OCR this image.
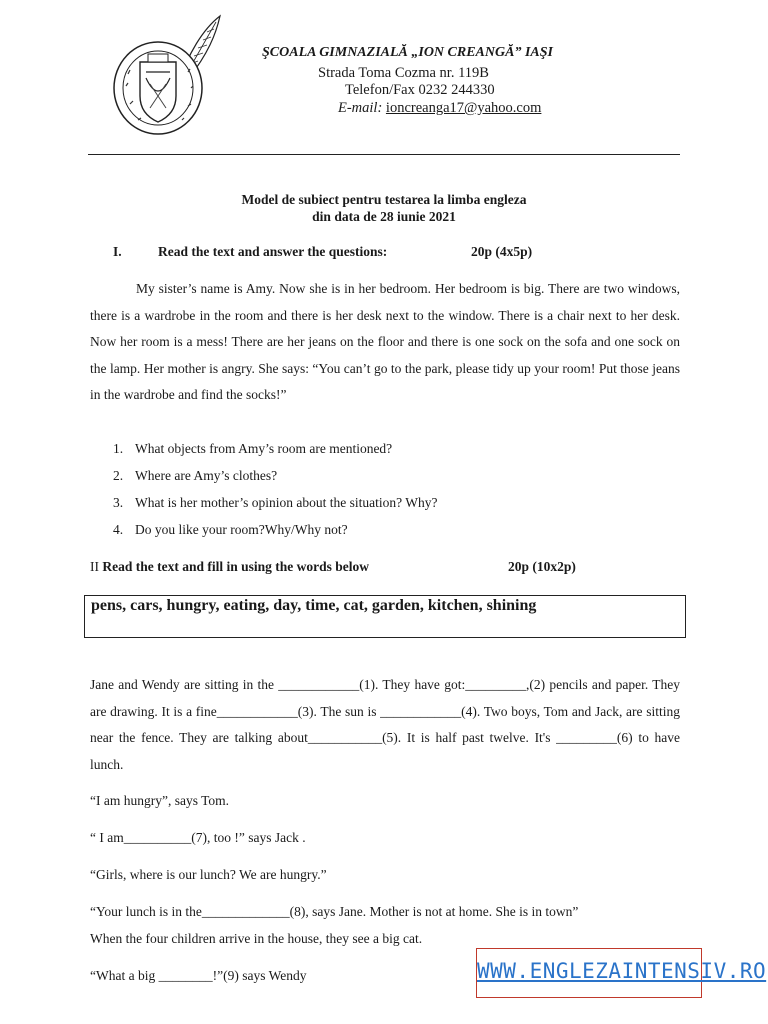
ŞCOALA GIMNAZIALĂ „ION CREANGĂ” IAŞI
Strada Toma Cozma nr. 119B
Telefon/Fax 0232 244330
E-mail: ioncreanga17@yahoo.com
Model de subiect pentru testarea la limba engleza
din data de 28 iunie 2021
I.	Read the text and answer the questions:	20p (4x5p)

My sister’s name is Amy. Now she is in her bedroom. Her bedroom is big. There are two windows, there is a wardrobe in the room and there is her desk next to the window. There is a chair next to her desk. Now her room is a mess! There are her jeans on the floor and there is one sock on the sofa and one sock on the lamp. Her mother is angry. She says: “You can’t go to the park, please tidy up your room! Put those jeans in the wardrobe and find the socks!”

1. What objects from Amy’s room are mentioned?
2. Where are Amy’s clothes?
3. What is her mother’s opinion about the situation? Why?
4. Do you like your room?Why/Why not?
II Read the text and fill in using the words below	20p (10x2p)
pens, cars, hungry, eating, day, time, cat, garden, kitchen, shining

Jane and Wendy are sitting in the ____________(1). They have got:_________,(2) pencils and paper. They are drawing. It is a fine____________(3). The sun is ____________(4). Two boys, Tom and Jack, are sitting near the fence. They are talking about___________(5). It is half past twelve. It's _________(6) to have lunch.

“I am hungry”, says Tom.
“ I am__________(7), too !” says Jack .
“Girls, where is our lunch? We are hungry.”
“Your lunch is in the_____________(8), says Jane. Mother is not at home. She is in town”
When the four children arrive in the house, they see a big cat.
“What a big ________!”(9) says Wendy	WWW.ENGLEZAINTENSIV.RO
